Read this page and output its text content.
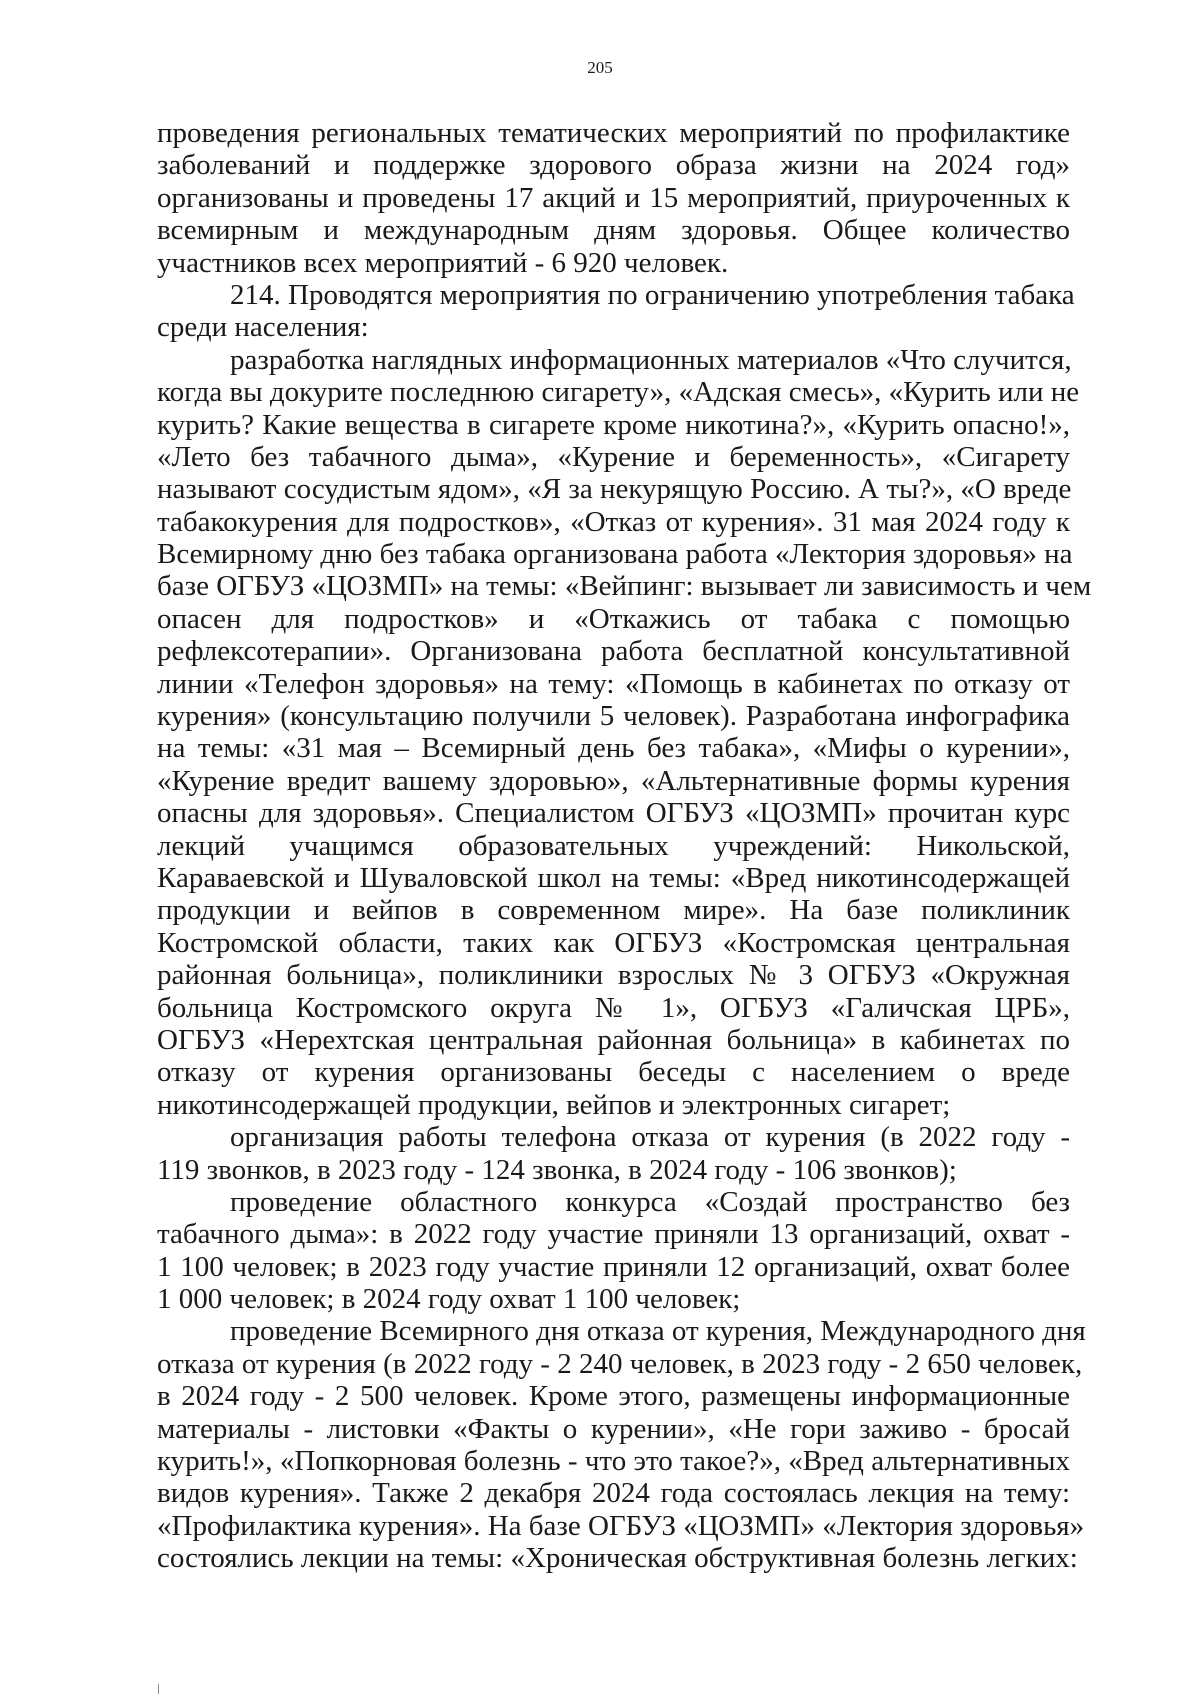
205
проведения региональных тематических мероприятий по профилактике
заболеваний и поддержке здорового образа жизни на 2024 год»
организованы и проведены 17 акций и 15 мероприятий, приуроченных к
всемирным и международным дням здоровья. Общее количество
участников всех мероприятий - 6 920 человек.
214. Проводятся мероприятия по ограничению употребления табака
среди населения:
разработка наглядных информационных материалов «Что случится,
когда вы докурите последнюю сигарету», «Адская смесь», «Курить или не
курить? Какие вещества в сигарете кроме никотина?», «Курить опасно!»,
«Лето без табачного дыма», «Курение и беременность», «Сигарету
называют сосудистым ядом», «Я за некурящую Россию. А ты?», «О вреде
табакокурения для подростков», «Отказ от курения». 31 мая 2024 году к
Всемирному дню без табака организована работа «Лектория здоровья» на
базе ОГБУЗ «ЦОЗМП» на темы: «Вейпинг: вызывает ли зависимость и чем
опасен для подростков» и «Откажись от табака с помощью
рефлексотерапии». Организована работа бесплатной консультативной
линии «Телефон здоровья» на тему: «Помощь в кабинетах по отказу от
курения» (консультацию получили 5 человек). Разработана инфографика
на темы: «31 мая – Всемирный день без табака», «Мифы о курении»,
«Курение вредит вашему здоровью», «Альтернативные формы курения
опасны для здоровья». Специалистом ОГБУЗ «ЦОЗМП» прочитан курс
лекций учащимся образовательных учреждений: Никольской,
Караваевской и Шуваловской школ на темы: «Вред никотинсодержащей
продукции и вейпов в современном мире». На базе поликлиник
Костромской области, таких как ОГБУЗ «Костромская центральная
районная больница», поликлиники взрослых № 3 ОГБУЗ «Окружная
больница Костромского округа № 1», ОГБУЗ «Галичская ЦРБ»,
ОГБУЗ «Нерехтская центральная районная больница» в кабинетах по
отказу от курения организованы беседы с населением о вреде
никотинсодержащей продукции, вейпов и электронных сигарет;
организация работы телефона отказа от курения (в 2022 году -
119 звонков, в 2023 году - 124 звонка, в 2024 году - 106 звонков);
проведение областного конкурса «Создай пространство без
табачного дыма»: в 2022 году участие приняли 13 организаций, охват -
1 100 человек; в 2023 году участие приняли 12 организаций, охват более
1 000 человек; в 2024 году охват 1 100 человек;
проведение Всемирного дня отказа от курения, Международного дня
отказа от курения (в 2022 году - 2 240 человек, в 2023 году - 2 650 человек,
в 2024 году - 2 500 человек. Кроме этого, размещены информационные
материалы - листовки «Факты о курении», «Не гори заживо - бросай
курить!», «Попкорновая болезнь - что это такое?», «Вред альтернативных
видов курения». Также 2 декабря 2024 года состоялась лекция на тему:
«Профилактика курения». На базе ОГБУЗ «ЦОЗМП» «Лектория здоровья»
состоялись лекции на темы: «Хроническая обструктивная болезнь легких:
